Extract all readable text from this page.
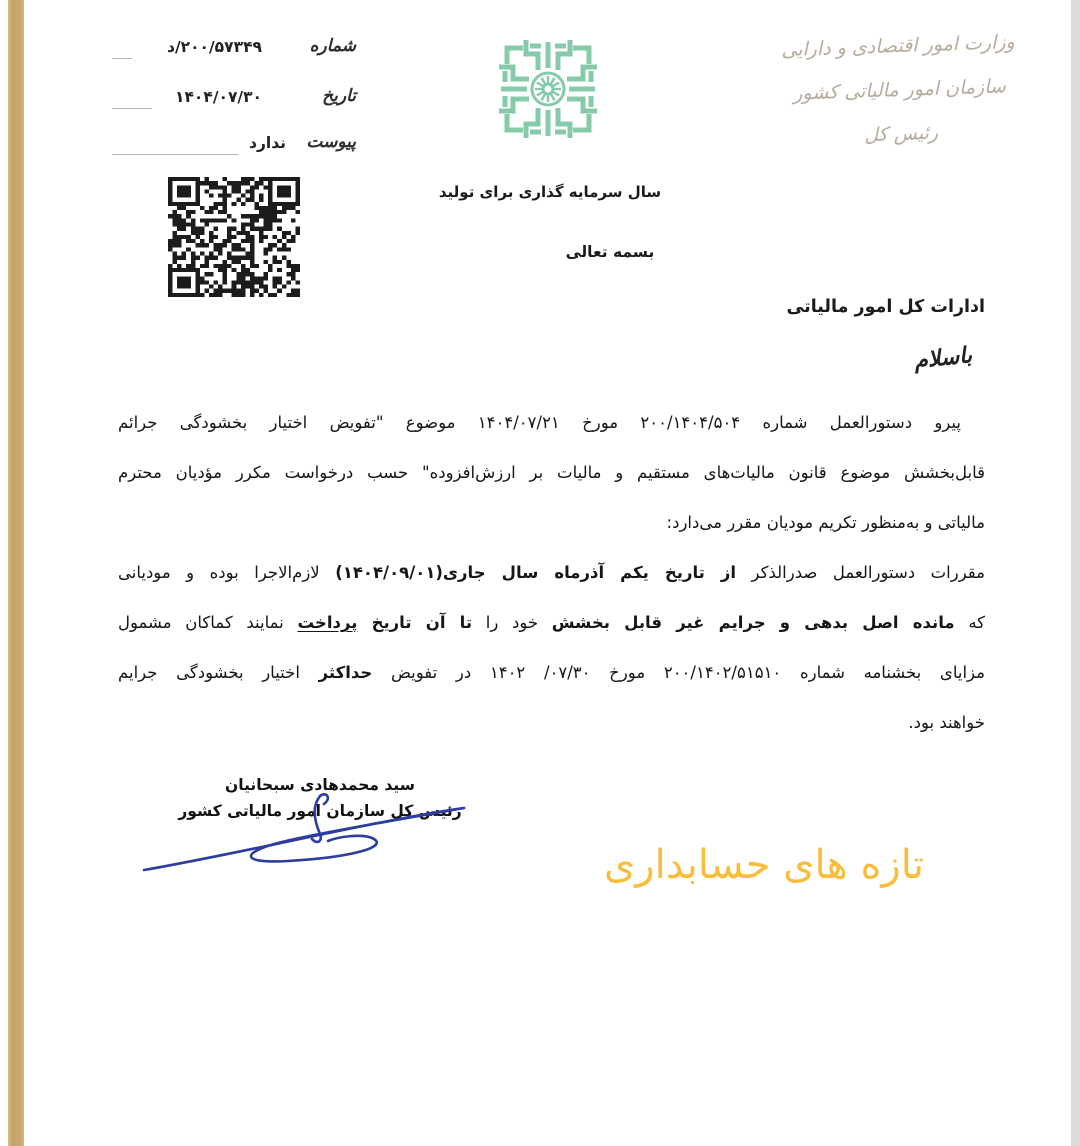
شماره
۲۰۰/۵۷۳۴۹/د
تاریخ
۱۴۰۴/۰۷/۳۰
پیوست
ندارد
وزارت امور اقتصادی و دارایی
سازمان امور مالیاتی کشور
رئیس کل
سال سرمایه گذاری برای تولید
بسمه تعالی
ادارات کل امور مالیاتی
باسلام
پیرو دستورالعمل شماره ۲۰۰/۱۴۰۴/۵۰۴ مورخ ۱۴۰۴/۰۷/۲۱ موضوع "تفویض اختیار بخشودگی جرائم
قابل‌بخشش موضوع قانون مالیات‌های مستقیم و مالیات بر ارزش‌افزوده" حسب درخواست مکرر مؤدیان محترم
مالیاتی و به‌منظور تکریم مودیان مقرر می‌دارد:
مقررات دستورالعمل صدرالذکر از تاریخ یکم آذرماه سال جاری(۱۴۰۴/۰۹/۰۱) لازم‌الاجرا بوده و مودیانی
که مانده اصل بدهی و جرایم غیر قابل بخشش خود را تا آن تاریخ پرداخت نمایند کماکان مشمول
مزایای بخشنامه شماره ۲۰۰/۱۴۰۲/۵۱۵۱۰ مورخ ۰۷/۳۰/ ۱۴۰۲ در تفویض حداکثر اختیار بخشودگی جرایم
خواهند بود.
سید محمدهادی سبحانیان
رئیس کل سازمان امور مالیاتی کشور
تازه های حسابداری
